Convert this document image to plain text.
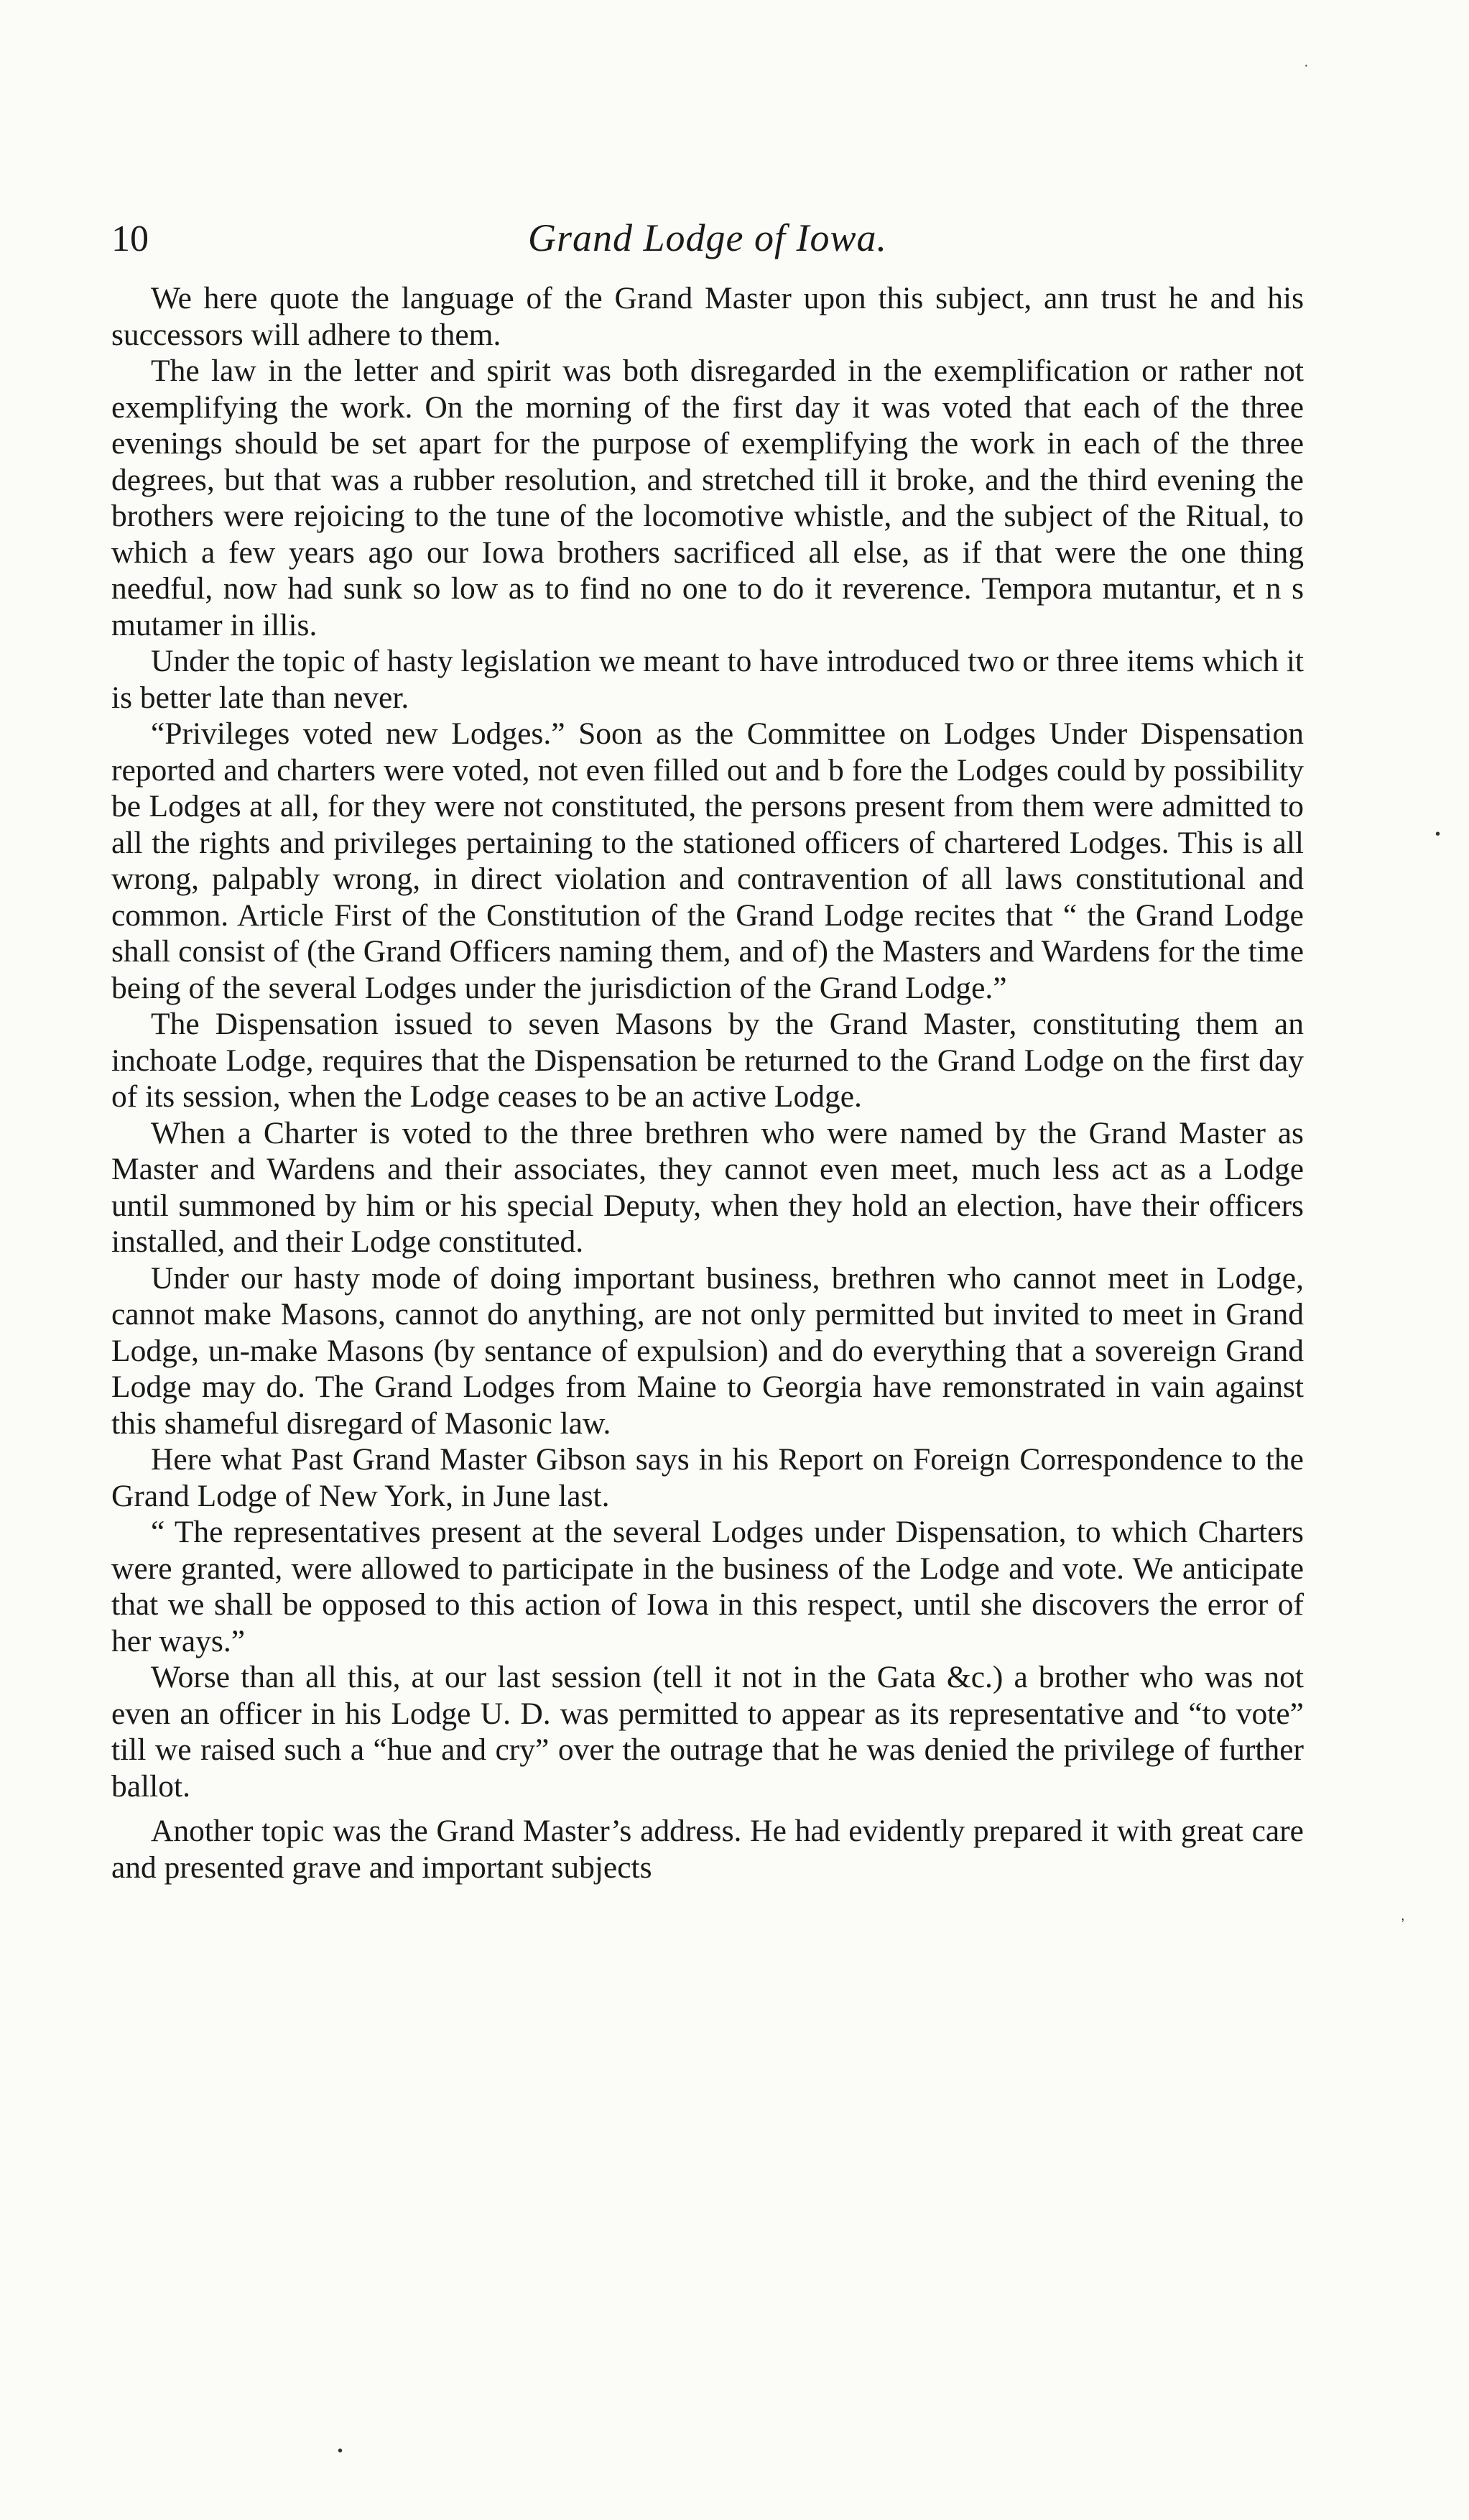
·
•
,
•
10	Grand Lodge of Iowa.

We here quote the language of the Grand Master upon this subject, ann trust he and his successors will adhere to them.

The law in the letter and spirit was both disregarded in the exemplification or rather not exemplifying the work. On the morning of the first day it was voted that each of the three evenings should be set apart for the purpose of exemplifying the work in each of the three degrees, but that was a rubber resolution, and stretched till it broke, and the third evening the brothers were rejoicing to the tune of the locomotive whistle, and the subject of the Ritual, to which a few years ago our Iowa brothers sacrificed all else, as if that were the one thing needful, now had sunk so low as to find no one to do it reverence. Tempora mutantur, et n s mutamer in illis.

Under the topic of hasty legislation we meant to have introduced two or three items which it is better late than never.

“Privileges voted new Lodges.” Soon as the Committee on Lodges Under Dispensation reported and charters were voted, not even filled out and b fore the Lodges could by possibility be Lodges at all, for they were not constituted, the persons present from them were admitted to all the rights and privileges pertaining to the stationed officers of chartered Lodges. This is all wrong, palpably wrong, in direct violation and contravention of all laws constitutional and common. Article First of the Constitution of the Grand Lodge recites that “ the Grand Lodge shall consist of (the Grand Officers naming them, and of) the Masters and Wardens for the time being of the several Lodges under the jurisdiction of the Grand Lodge.”

The Dispensation issued to seven Masons by the Grand Master, constituting them an inchoate Lodge, requires that the Dispensation be returned to the Grand Lodge on the first day of its session, when the Lodge ceases to be an active Lodge.

When a Charter is voted to the three brethren who were named by the Grand Master as Master and Wardens and their associates, they cannot even meet, much less act as a Lodge until summoned by him or his special Deputy, when they hold an election, have their officers installed, and their Lodge constituted.

Under our hasty mode of doing important business, brethren who cannot meet in Lodge, cannot make Masons, cannot do anything, are not only permitted but invited to meet in Grand Lodge, un-make Masons (by sentance of expulsion) and do everything that a sovereign Grand Lodge may do. The Grand Lodges from Maine to Georgia have remonstrated in vain against this shameful disregard of Masonic law.

Here what Past Grand Master Gibson says in his Report on Foreign Correspondence to the Grand Lodge of New York, in June last.

“ The representatives present at the several Lodges under Dispensation, to which Charters were granted, were allowed to participate in the business of the Lodge and vote. We anticipate that we shall be opposed to this action of Iowa in this respect, until she discovers the error of her ways.”

Worse than all this, at our last session (tell it not in the Gata &c.) a brother who was not even an officer in his Lodge U. D. was permitted to appear as its representative and “to vote” till we raised such a “hue and cry” over the outrage that he was denied the privilege of further ballot.

Another topic was the Grand Master’s address. He had evidently prepared it with great care and presented grave and important subjects
